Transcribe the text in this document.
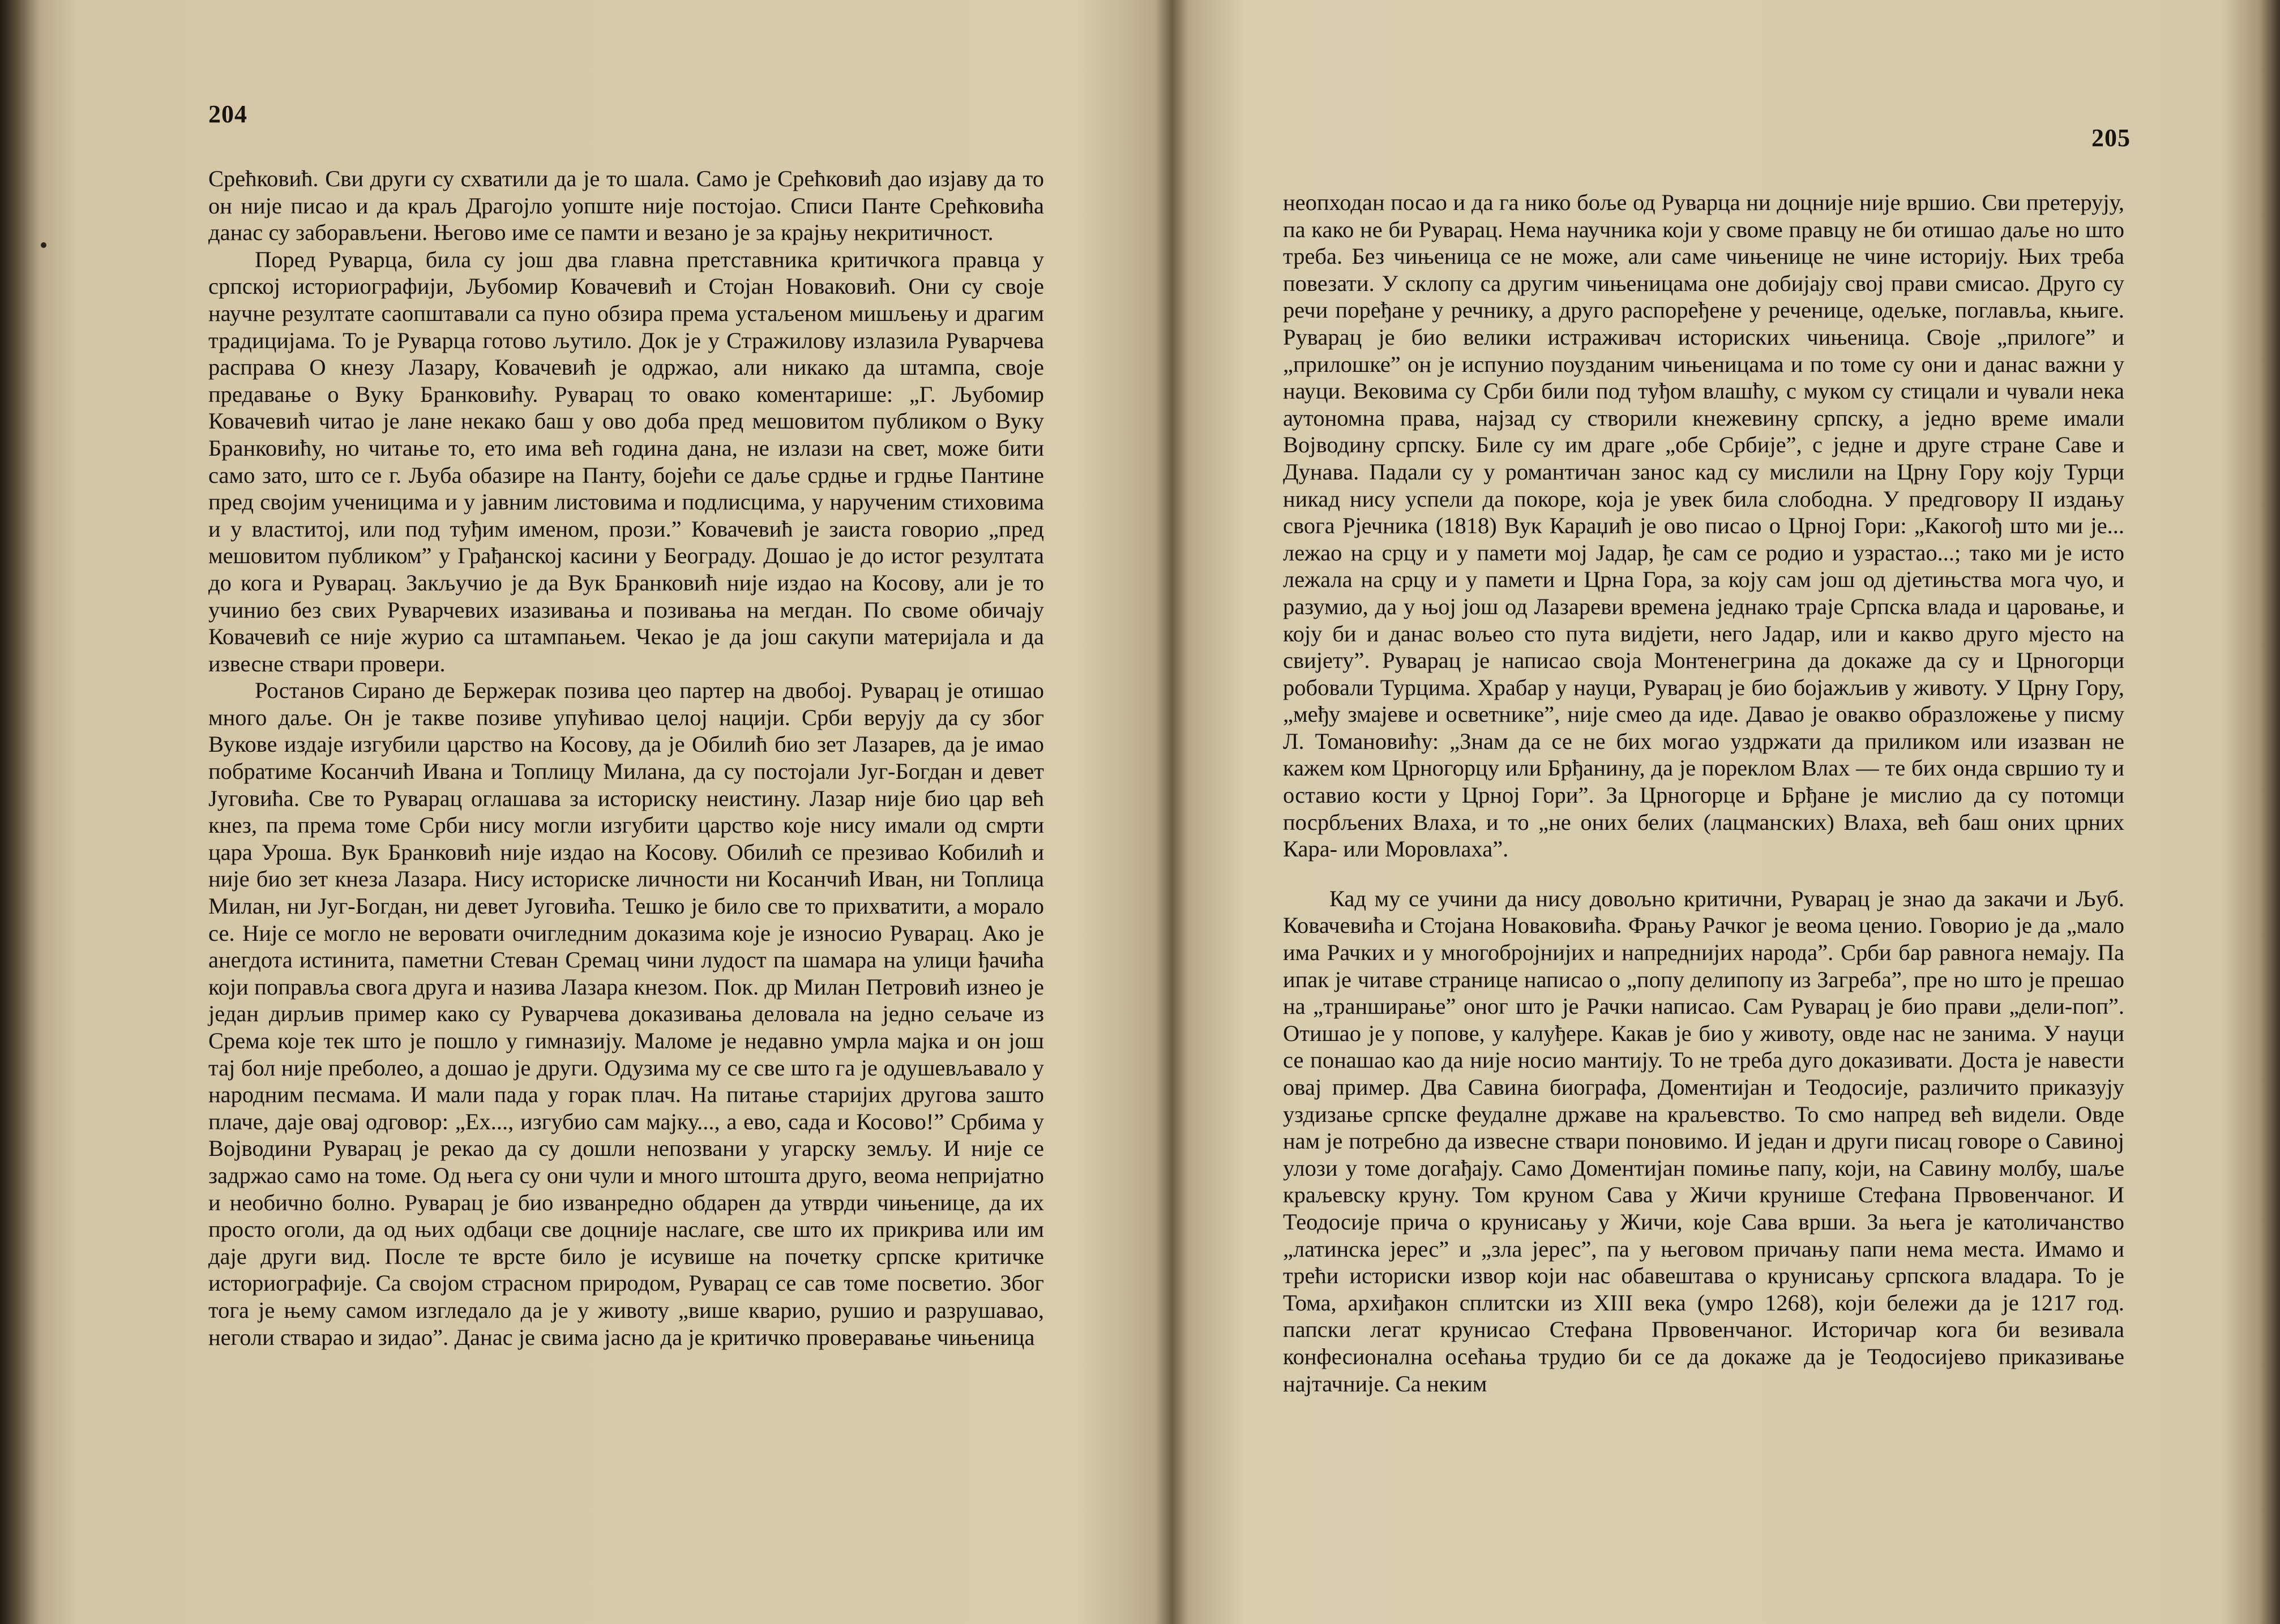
204

Срећковић. Сви други су схватили да је то шала. Само је Срећковић дао изјаву да то он није писао и да краљ Драгојло уопште није постојао. Списи Панте Срећковића данас су заборављени. Његово име се памти и везано је за крајњу некритичност.

Поред Руварца, била су још два главна претставника критичкога правца у српској историографији, Љубомир Ковачевић и Стојан Новаковић. Они су своје научне резултате саопштавали са пуно обзира према устаљеном мишљењу и драгим традицијама. То је Руварца готово љутило. Док је у Стражилову излазила Руварчева расправа О кнезу Лазару, Ковачевић је одржао, али никако да штампа, своје предавање о Вуку Бранковићу. Руварац то овако коментарише: „Г. Љубомир Ковачевић читао је лане некако баш у ово доба пред мешовитом публиком о Вуку Бранковићу, но читање то, ето има већ година дана, не излази на свет, може бити само зато, што се г. Љуба обазире на Панту, бојећи се даље срдње и грдње Пантине пред својим ученицима и у јавним листовима и подлисцима, у наручeним стиховима и у властитој, или под туђим именом, прози.” Ковачевић је заиста говорио „пред мешовитом публиком” у Грађанској касини у Београду. Дошао је до истог резултата до кога и Руварац. Закључио је да Вук Бранковић није издао на Косову, али је то учинио без свих Руварчевих изазивања и позивања на мегдан. По своме обичају Ковачевић се није журио са штампањем. Чекао је да још сакупи материјала и да извесне ствари провери.

Ростанов Сирано де Бержерак позива цео партер на двобој. Руварац је отишао много даље. Он је такве позиве упућивао целој нацији. Срби верују да су због Вукове издаје изгубили царство на Косову, да је Обилић био зет Лазарев, да је имао побратиме Косанчић Ивана и Топлицу Милана, да су постојали Југ-Богдан и девет Југовића. Све то Руварац оглашава за историску неистину. Лазар није био цар већ кнез, па према томе Срби нису могли изгубити царство које нису имали од смрти цара Уроша. Вук Бранковић није издао на Косову. Обилић се презивао Кобилић и није био зет кнеза Лазара. Нису историске личности ни Косанчић Иван, ни Топлица Милан, ни Југ-Богдан, ни девет Југовића. Тешко је било све то прихватити, а морало се. Није се могло не веровати очигледним доказима које је износио Руварац. Ако је анегдота истинита, паметни Стеван Сремац чини лудост па шамара на улици ђачића који поправља свога друга и назива Лазара кнезом. Пок. др Милан Петровић изнео је један дирљив пример како су Руварчева доказивања деловала на једно сељаче из Срема које тек што је пошло у гимназију. Маломе је недавно умрла мајка и он још тај бол није преболео, а дошао је други. Одузима му се све што га је одушевљавало у народним песмама. И мали пада у горак плач. На питање старијих другова зашто плаче, даје овај одговор: „Ех..., изгубио сам мајку..., а ево, сада и Косово!” Србима у Војводини Руварац је рекао да су дошли непозвани у угарску земљу. И није се задржао само на томе. Од њега су они чули и много штошта друго, веома непријатно и необично болно. Руварац је био изванредно обдарен да утврди чињенице, да их просто оголи, да од њих одбаци све доцније наслаге, све што их прикрива или им даје други вид. После те врсте било је исувише на почетку српске критичке историографије. Са својом страсном природом, Руварац се сав томе посветио. Због тога је њему самом изгледало да је у животу „више кварио, рушио и разрушавао, неголи стварао и зидао”. Данас је свима јасно да је критичко проверавање чињеница

205

неопходан посао и да га нико боље од Руварца ни доцније није вршио. Сви претерују, па како не би Руварац. Нема научника који у своме правцу не би отишао даље но што треба. Без чињеница се не може, али саме чињенице не чине историју. Њих треба повезати. У склопу са другим чињеницама оне добијају свој прави смисао. Друго су речи поређане у речнику, а друго распоређене у реченице, одељке, поглавља, књиге. Руварац је био велики истраживач историских чињеница. Своје „прилоге” и „прилошке” он је испунио поузданим чињеницама и по томе су они и данас важни у науци. Вековима су Срби били под туђом влашћу, с муком су стицали и чували нека аутономна права, најзад су створили кнежевину српску, а једно време имали Војводину српску. Биле су им драге „обе Србије”, с једне и друге стране Саве и Дунава. Падали су у романтичан занос кад су мислили на Црну Гору коју Турци никад нису успели да покоре, која је увек била слободна. У предговору II издању свога Рјечника (1818) Вук Караџић је ово писао о Црној Гори: „Какогођ што ми је... лежао на срцу и у памети мој Јадар, ђе сам се родио и узрастао...; тако ми је исто лежала на срцу и у памети и Црна Гора, за коју сам још од дјетињства мога чуо, и разумио, да у њој још од Лазареви времена једнако траје Српска влада и царовање, и коју би и данас вољео сто пута видјети, него Јадар, или и какво друго мјесто на свијету”. Руварац је написао своја Монтенегрина да докаже да су и Црногорци робовали Турцима. Храбар у науци, Руварац је био бојажљив у животу. У Црну Гору, „међу змајеве и осветнике”, није смео да иде. Давао је овакво образложење у писму Л. Томановићу: „Знам да се не бих могао уздржати да приликом или изазван не кажем ком Црногорцу или Брђанину, да је пореклом Влах — те бих онда свршио ту и оставио кости у Црној Гори”. За Црногорце и Брђане је мислио да су потомци посрбљених Влаха, и то „не оних белих (лацманских) Влаха, већ баш оних црних Кара- или Моровлаха”.

Кад му се учини да нису довољно критични, Руварац је знао да закачи и Љуб. Ковачевића и Стојана Новаковића. Фрању Рачког је веома ценио. Говорио је да „мало има Рачких и у многобројнијих и напреднијих народа”. Срби бар равнога немају. Па ипак је читаве странице написао о „попу делипопу из Загреба”, пре но што је прешао на „транширање” оног што је Рачки написао. Сам Руварац је био прави „дели-поп”. Отишао је у попове, у калуђере. Какав је био у животу, овде нас не занима. У науци се понашао као да није носио мантију. То не треба дуго доказивати. Доста је навести овај пример. Два Савина биографа, Доментијан и Теодосије, различито приказују уздизање српске феудалне државе на краљевство. То смо напред већ видели. Овде нам је потребно да извесне ствари поновимо. И један и други писац говоре о Савиној улози у томе догађају. Само Доментијан помиње папу, који, на Савину молбу, шаље краљевску круну. Том круном Сава у Жичи крунише Стефана Првовенчаног. И Теодосије прича о крунисању у Жичи, које Сава врши. За њега је католичанство „латинска јерес” и „зла јерес”, па у његовом причању папи нема места. Имамо и трећи историски извор који нас обавештава о крунисању српскога владара. То је Тома, архиђакон сплитски из XIII века (умро 1268), који бележи да је 1217 год. папски легат крунисао Стефана Првовенчаног. Историчар кога би везивала конфесионална осећања трудио би се да докаже да је Теодосијево приказивање најтачније. Са неким
